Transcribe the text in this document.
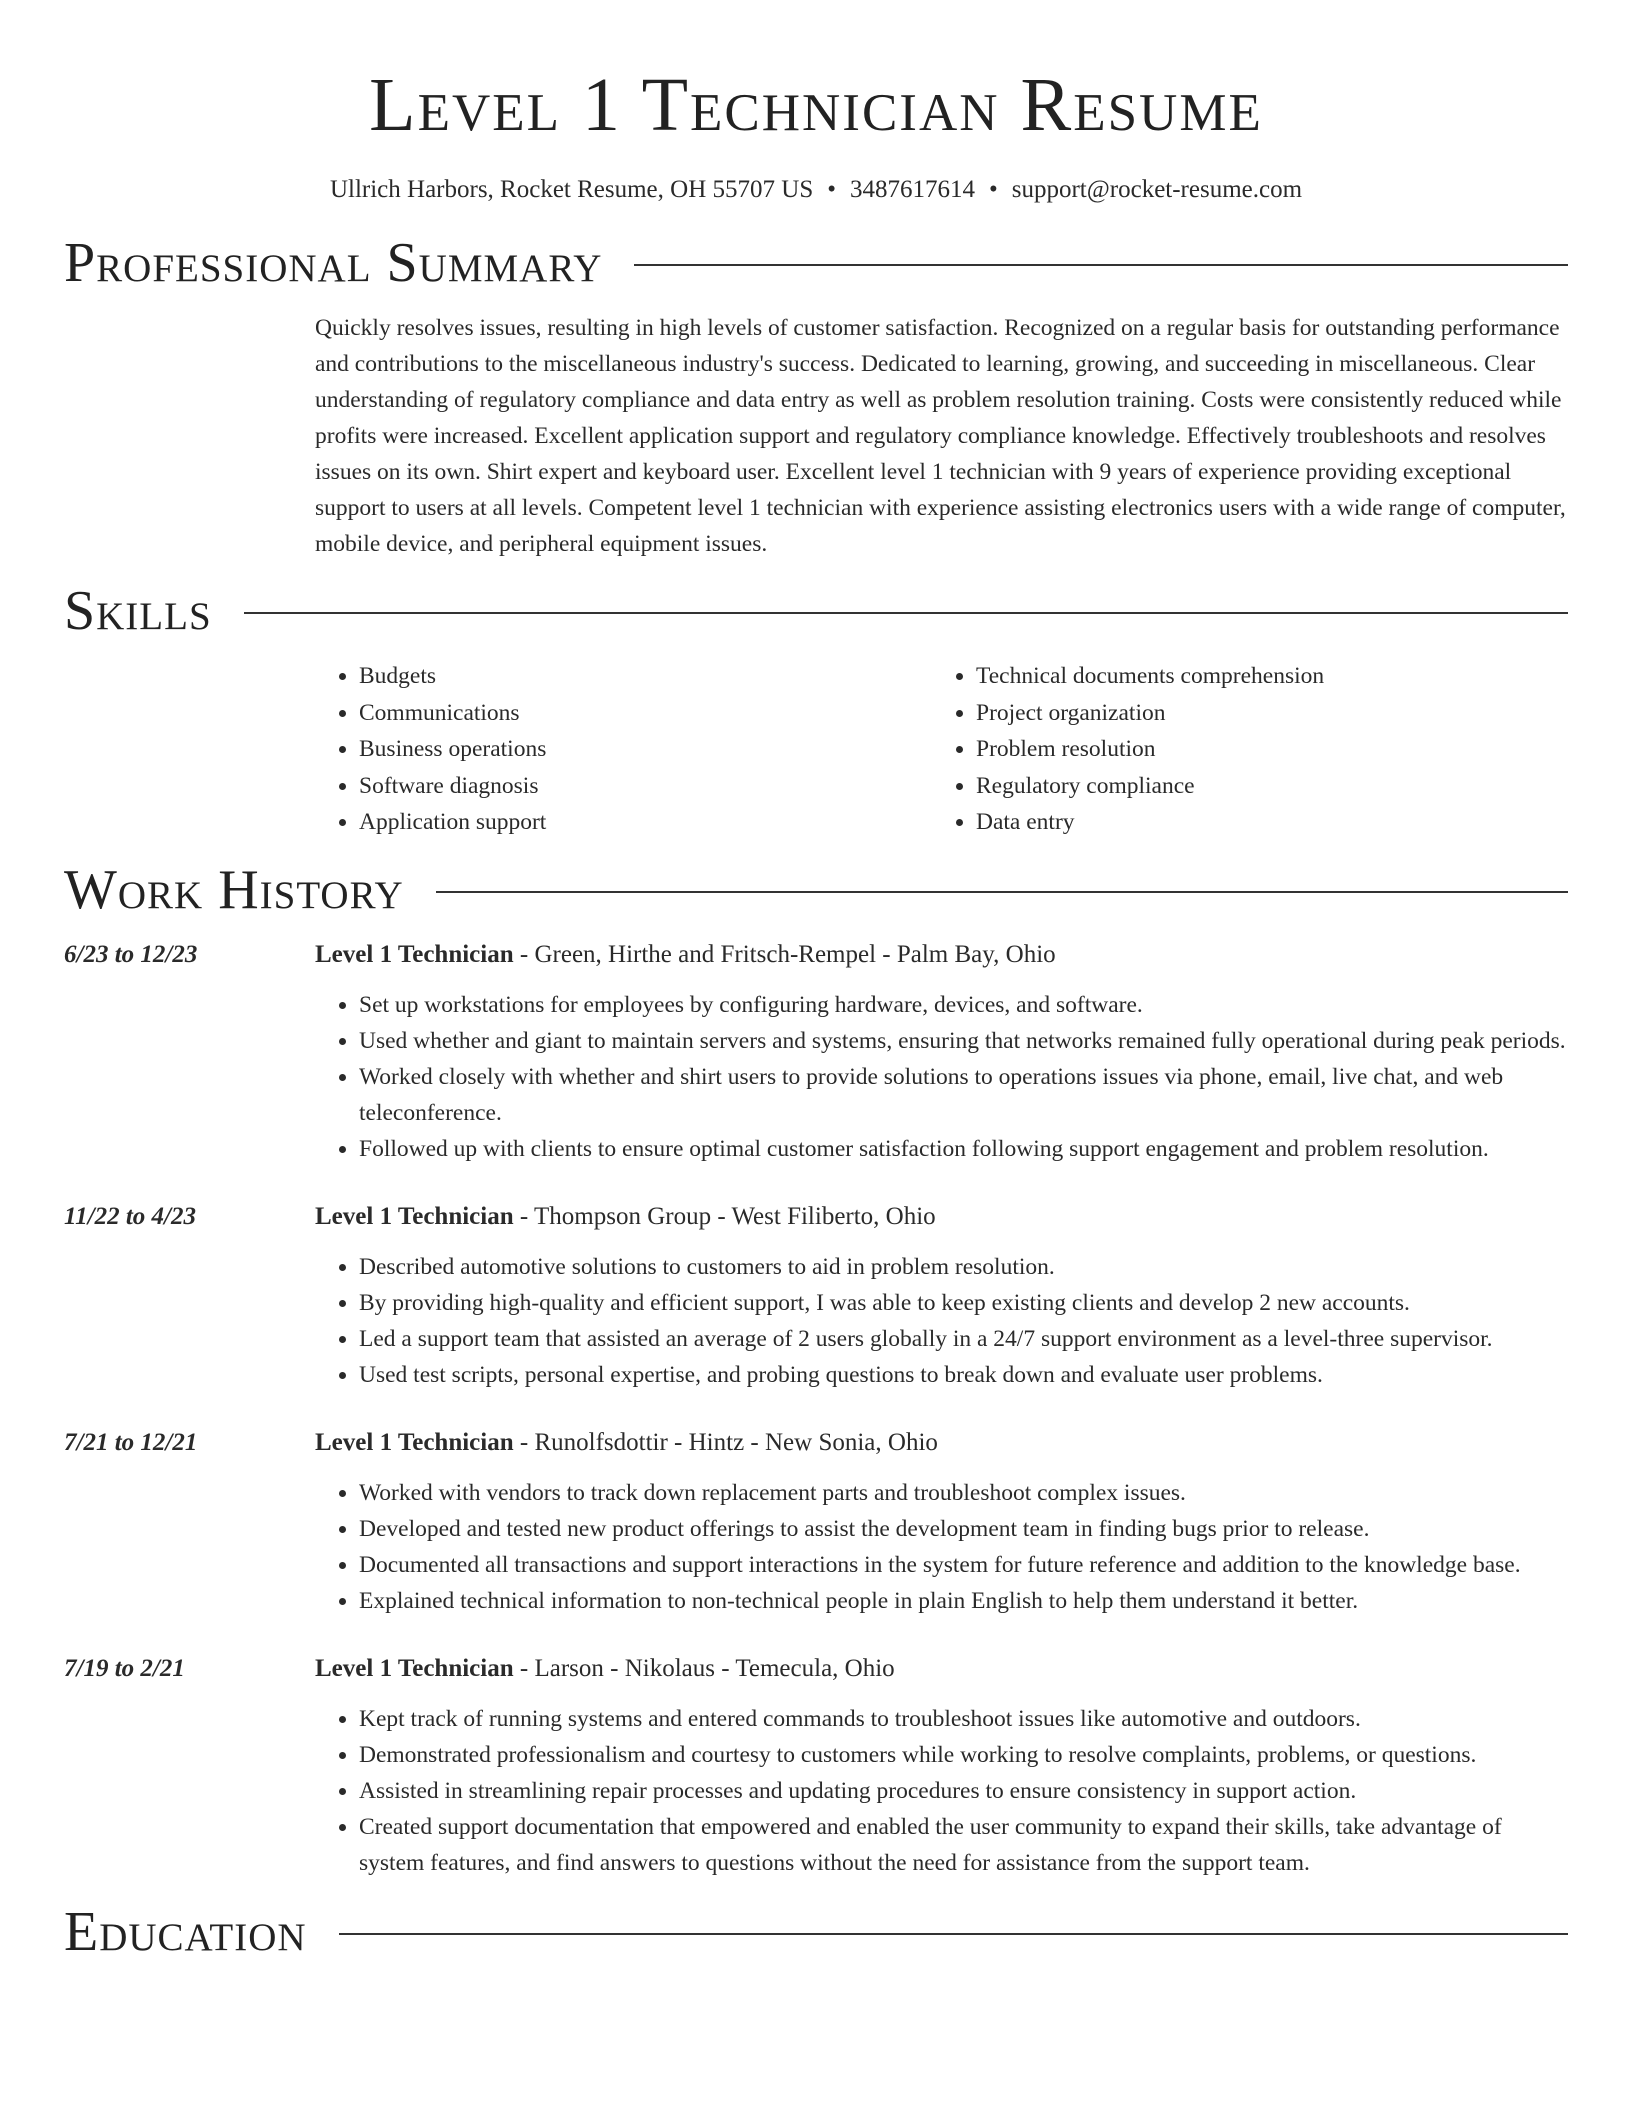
Level 1 Technician Resume
Ullrich Harbors, Rocket Resume, OH 55707 US • 3487617614 • support@rocket-resume.com
Professional Summary
Quickly resolves issues, resulting in high levels of customer satisfaction. Recognized on a regular basis for outstanding performance and contributions to the miscellaneous industry's success. Dedicated to learning, growing, and succeeding in miscellaneous. Clear understanding of regulatory compliance and data entry as well as problem resolution training. Costs were consistently reduced while profits were increased. Excellent application support and regulatory compliance knowledge. Effectively troubleshoots and resolves issues on its own. Shirt expert and keyboard user. Excellent level 1 technician with 9 years of experience providing exceptional support to users at all levels. Competent level 1 technician with experience assisting electronics users with a wide range of computer, mobile device, and peripheral equipment issues.
Skills
• Budgets
• Communications
• Business operations
• Software diagnosis
• Application support
• Technical documents comprehension
• Project organization
• Problem resolution
• Regulatory compliance
• Data entry
Work History
6/23 to 12/23	Level 1 Technician - Green, Hirthe and Fritsch-Rempel - Palm Bay, Ohio
• Set up workstations for employees by configuring hardware, devices, and software.
• Used whether and giant to maintain servers and systems, ensuring that networks remained fully operational during peak periods.
• Worked closely with whether and shirt users to provide solutions to operations issues via phone, email, live chat, and web teleconference.
• Followed up with clients to ensure optimal customer satisfaction following support engagement and problem resolution.
11/22 to 4/23	Level 1 Technician - Thompson Group - West Filiberto, Ohio
• Described automotive solutions to customers to aid in problem resolution.
• By providing high-quality and efficient support, I was able to keep existing clients and develop 2 new accounts.
• Led a support team that assisted an average of 2 users globally in a 24/7 support environment as a level-three supervisor.
• Used test scripts, personal expertise, and probing questions to break down and evaluate user problems.
7/21 to 12/21	Level 1 Technician - Runolfsdottir - Hintz - New Sonia, Ohio
• Worked with vendors to track down replacement parts and troubleshoot complex issues.
• Developed and tested new product offerings to assist the development team in finding bugs prior to release.
• Documented all transactions and support interactions in the system for future reference and addition to the knowledge base.
• Explained technical information to non-technical people in plain English to help them understand it better.
7/19 to 2/21	Level 1 Technician - Larson - Nikolaus - Temecula, Ohio
• Kept track of running systems and entered commands to troubleshoot issues like automotive and outdoors.
• Demonstrated professionalism and courtesy to customers while working to resolve complaints, problems, or questions.
• Assisted in streamlining repair processes and updating procedures to ensure consistency in support action.
• Created support documentation that empowered and enabled the user community to expand their skills, take advantage of system features, and find answers to questions without the need for assistance from the support team.
Education
